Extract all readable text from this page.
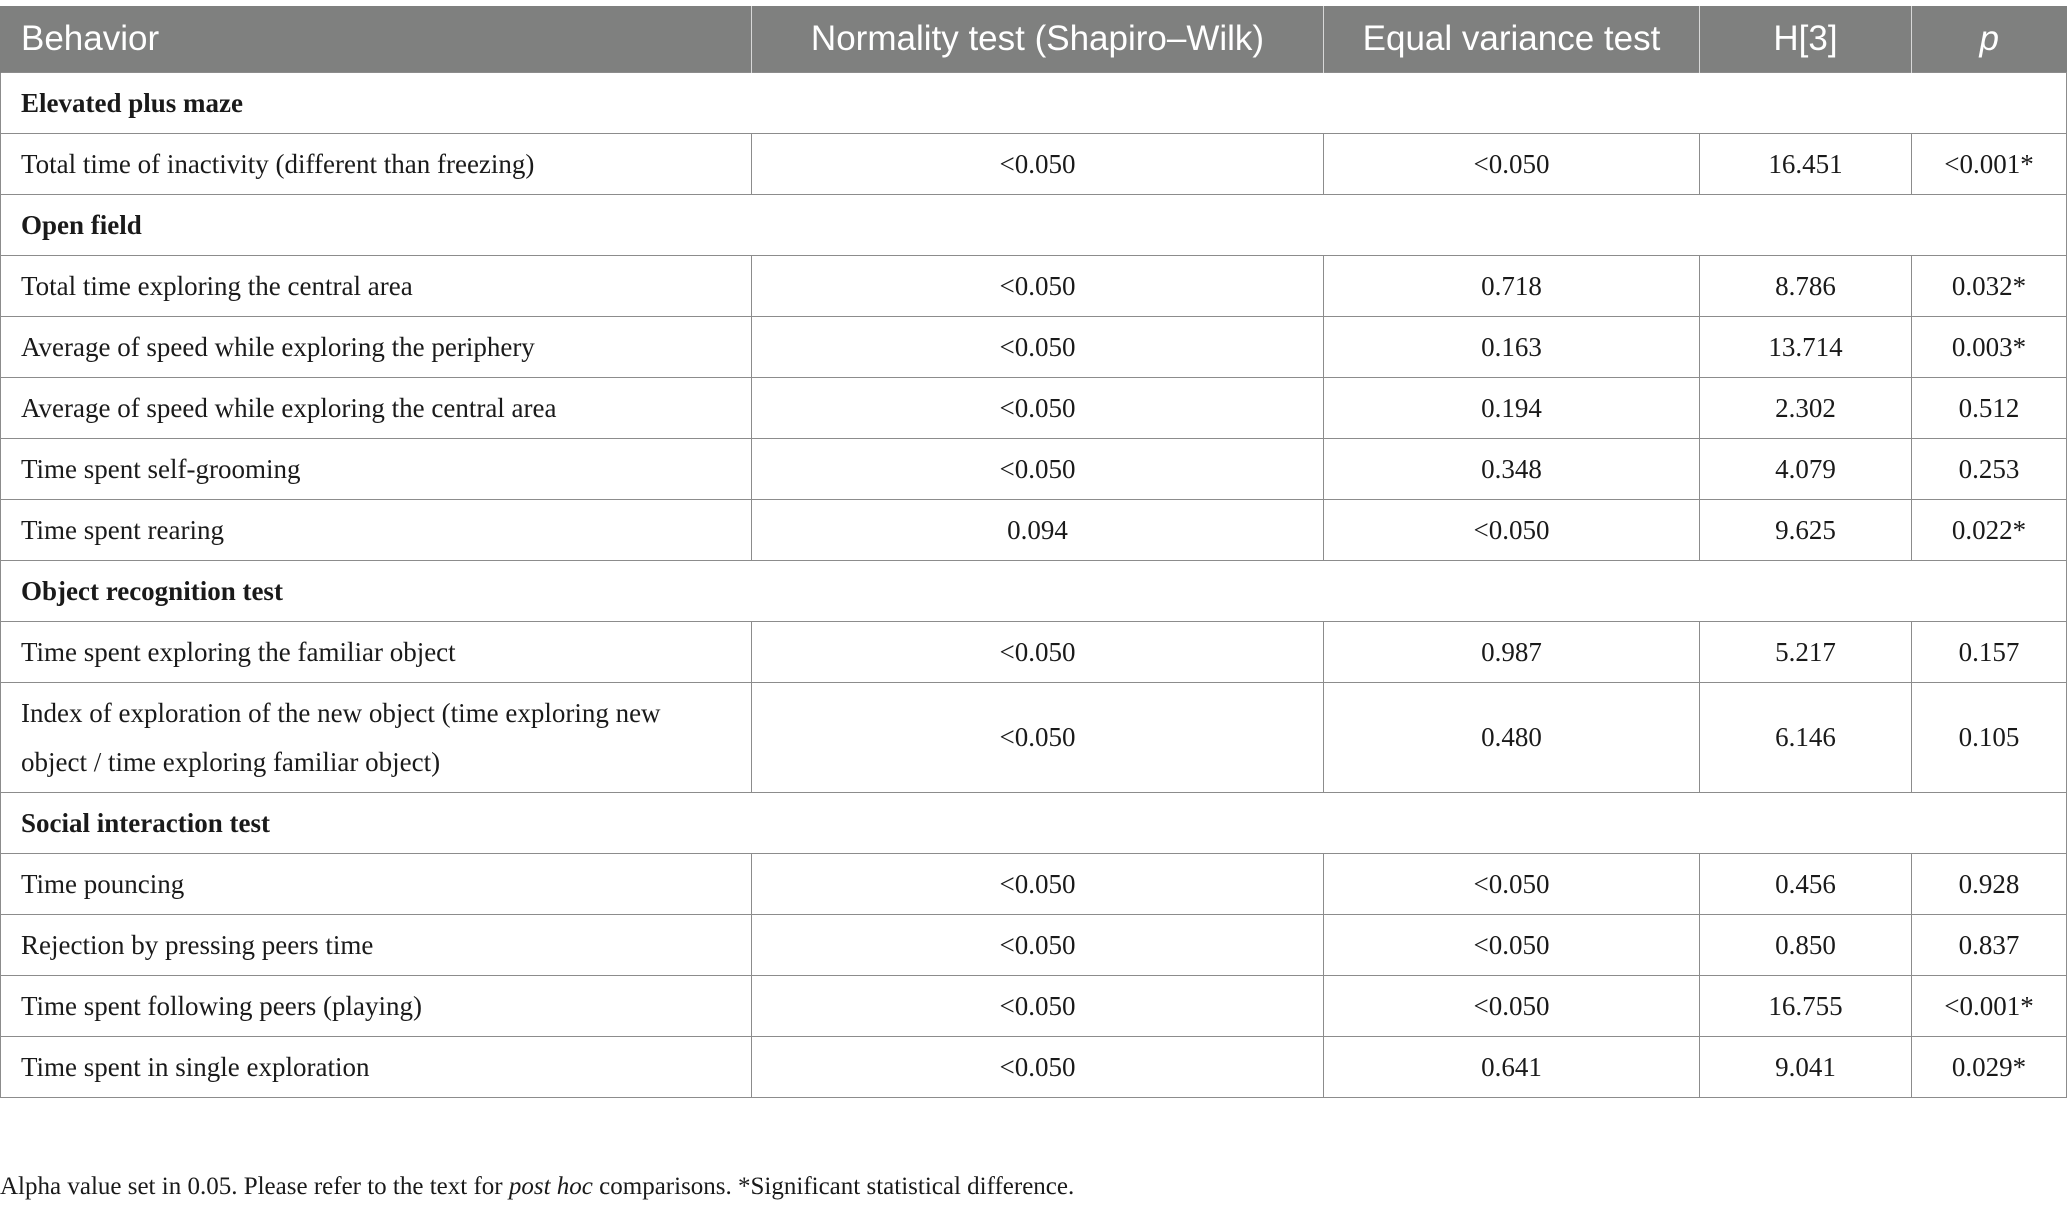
Behavior	Normality test (Shapiro–Wilk)	Equal variance test	H[3]	p
Elevated plus maze				
Total time of inactivity (different than freezing)	<0.050	<0.050	16.451	<0.001*
Open field				
Total time exploring the central area	<0.050	0.718	8.786	0.032*
Average of speed while exploring the periphery	<0.050	0.163	13.714	0.003*
Average of speed while exploring the central area	<0.050	0.194	2.302	0.512
Time spent self-grooming	<0.050	0.348	4.079	0.253
Time spent rearing	0.094	<0.050	9.625	0.022*
Object recognition test				
Time spent exploring the familiar object	<0.050	0.987	5.217	0.157
Index of exploration of the new object (time exploring new object / time exploring familiar object)	<0.050	0.480	6.146	0.105
Social interaction test				
Time pouncing	<0.050	<0.050	0.456	0.928
Rejection by pressing peers time	<0.050	<0.050	0.850	0.837
Time spent following peers (playing)	<0.050	<0.050	16.755	<0.001*
Time spent in single exploration	<0.050	0.641	9.041	0.029*
Alpha value set in 0.05. Please refer to the text for post hoc comparisons. *Significant statistical difference.
